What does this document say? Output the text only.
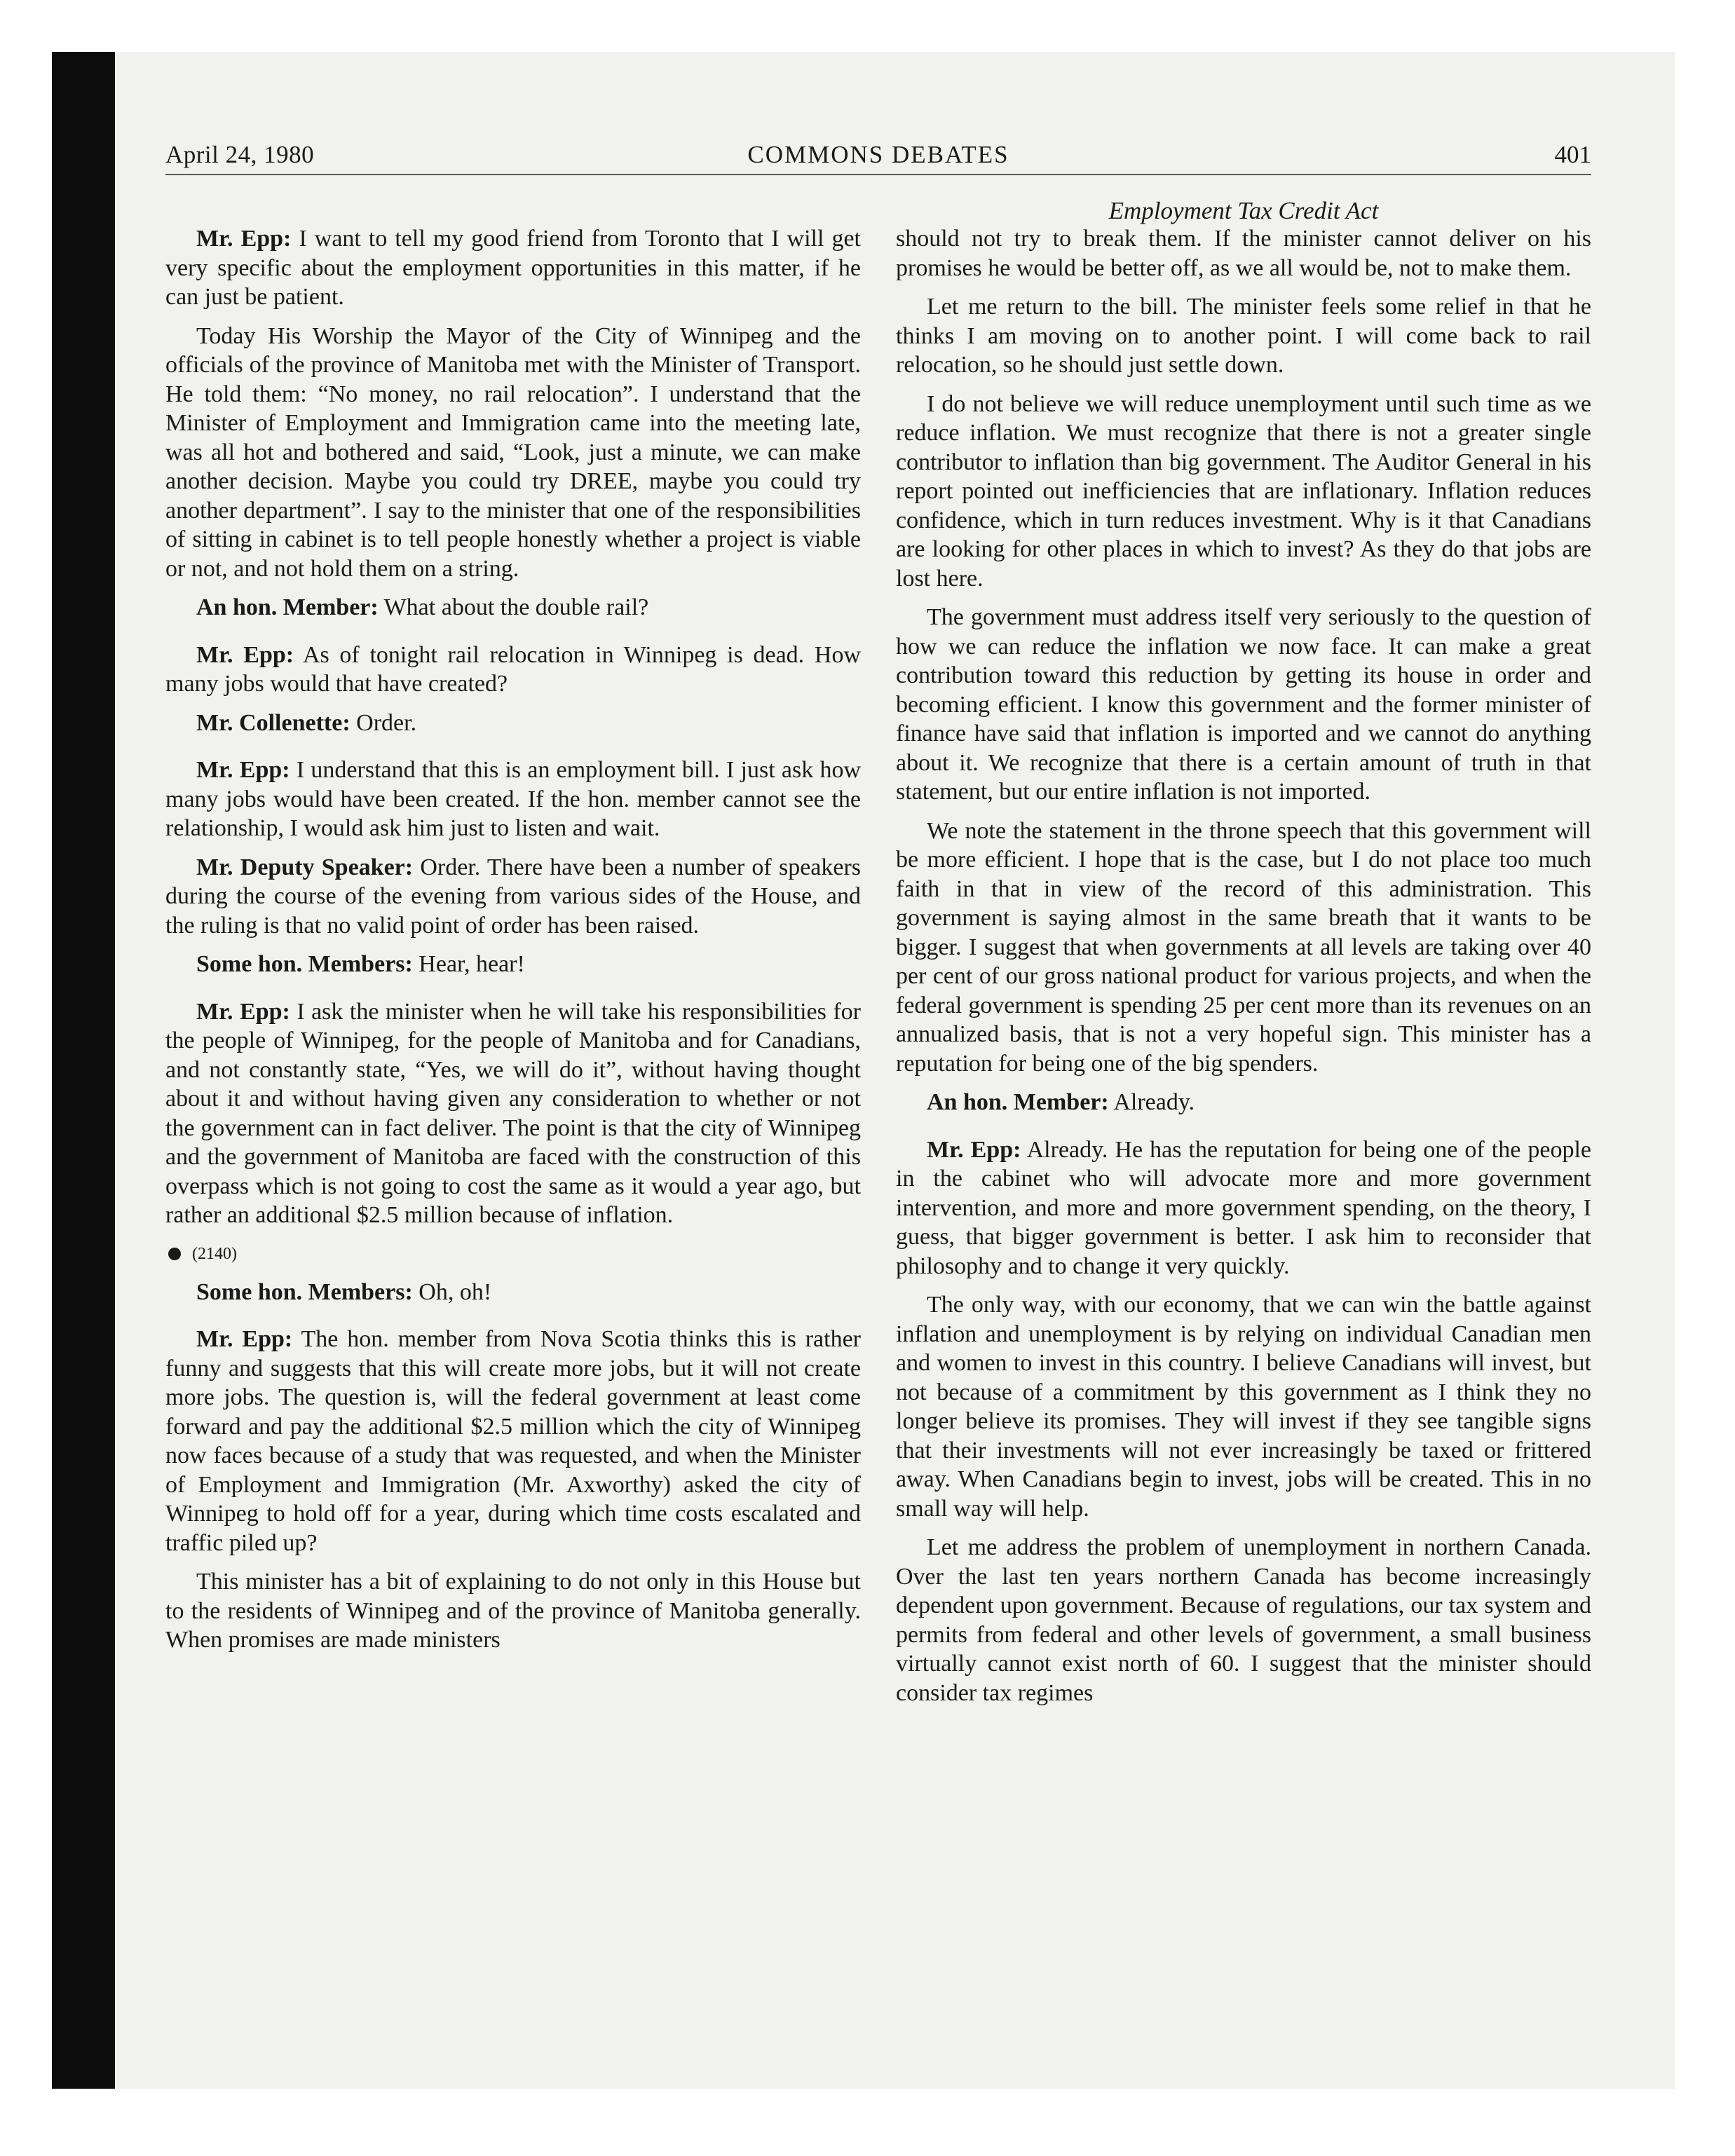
April 24, 1980	COMMONS DEBATES	401
Employment Tax Credit Act

Mr. Epp: I want to tell my good friend from Toronto that I will get very specific about the employment opportunities in this matter, if he can just be patient.

Today His Worship the Mayor of the City of Winnipeg and the officials of the province of Manitoba met with the Minister of Transport. He told them: “No money, no rail relocation”. I understand that the Minister of Employment and Immigration came into the meeting late, was all hot and bothered and said, “Look, just a minute, we can make another decision. Maybe you could try DREE, maybe you could try another department”. I say to the minister that one of the responsibilities of sitting in cabinet is to tell people honestly whether a project is viable or not, and not hold them on a string.

An hon. Member: What about the double rail?

Mr. Epp: As of tonight rail relocation in Winnipeg is dead. How many jobs would that have created?

Mr. Collenette: Order.

Mr. Epp: I understand that this is an employment bill. I just ask how many jobs would have been created. If the hon. member cannot see the relationship, I would ask him just to listen and wait.

Mr. Deputy Speaker: Order. There have been a number of speakers during the course of the evening from various sides of the House, and the ruling is that no valid point of order has been raised.

Some hon. Members: Hear, hear!

Mr. Epp: I ask the minister when he will take his responsibilities for the people of Winnipeg, for the people of Manitoba and for Canadians, and not constantly state, “Yes, we will do it”, without having thought about it and without having given any consideration to whether or not the government can in fact deliver. The point is that the city of Winnipeg and the government of Manitoba are faced with the construction of this overpass which is not going to cost the same as it would a year ago, but rather an additional $2.5 million because of inflation.

(2140)

Some hon. Members: Oh, oh!

Mr. Epp: The hon. member from Nova Scotia thinks this is rather funny and suggests that this will create more jobs, but it will not create more jobs. The question is, will the federal government at least come forward and pay the additional $2.5 million which the city of Winnipeg now faces because of a study that was requested, and when the Minister of Employment and Immigration (Mr. Axworthy) asked the city of Winnipeg to hold off for a year, during which time costs escalated and traffic piled up?

This minister has a bit of explaining to do not only in this House but to the residents of Winnipeg and of the province of Manitoba generally. When promises are made ministers

should not try to break them. If the minister cannot deliver on his promises he would be better off, as we all would be, not to make them.

Let me return to the bill. The minister feels some relief in that he thinks I am moving on to another point. I will come back to rail relocation, so he should just settle down.

I do not believe we will reduce unemployment until such time as we reduce inflation. We must recognize that there is not a greater single contributor to inflation than big government. The Auditor General in his report pointed out inefficiencies that are inflationary. Inflation reduces confidence, which in turn reduces investment. Why is it that Canadians are looking for other places in which to invest? As they do that jobs are lost here.

The government must address itself very seriously to the question of how we can reduce the inflation we now face. It can make a great contribution toward this reduction by getting its house in order and becoming efficient. I know this government and the former minister of finance have said that inflation is imported and we cannot do anything about it. We recognize that there is a certain amount of truth in that statement, but our entire inflation is not imported.

We note the statement in the throne speech that this government will be more efficient. I hope that is the case, but I do not place too much faith in that in view of the record of this administration. This government is saying almost in the same breath that it wants to be bigger. I suggest that when governments at all levels are taking over 40 per cent of our gross national product for various projects, and when the federal government is spending 25 per cent more than its revenues on an annualized basis, that is not a very hopeful sign. This minister has a reputation for being one of the big spenders.

An hon. Member: Already.

Mr. Epp: Already. He has the reputation for being one of the people in the cabinet who will advocate more and more government intervention, and more and more government spending, on the theory, I guess, that bigger government is better. I ask him to reconsider that philosophy and to change it very quickly.

The only way, with our economy, that we can win the battle against inflation and unemployment is by relying on individual Canadian men and women to invest in this country. I believe Canadians will invest, but not because of a commitment by this government as I think they no longer believe its promises. They will invest if they see tangible signs that their investments will not ever increasingly be taxed or frittered away. When Canadians begin to invest, jobs will be created. This in no small way will help.

Let me address the problem of unemployment in northern Canada. Over the last ten years northern Canada has become increasingly dependent upon government. Because of regulations, our tax system and permits from federal and other levels of government, a small business virtually cannot exist north of 60. I suggest that the minister should consider tax regimes
